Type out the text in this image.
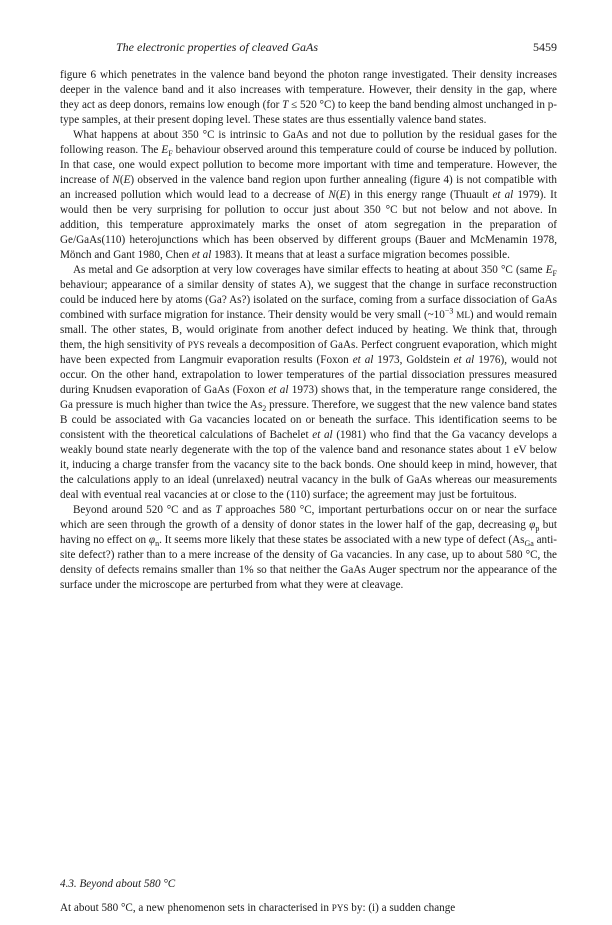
The electronic properties of cleaved GaAs	5459

figure 6 which penetrates in the valence band beyond the photon range investigated. Their density increases deeper in the valence band and it also increases with temperature. However, their density in the gap, where they act as deep donors, remains low enough (for T ≤ 520 °C) to keep the band bending almost unchanged in p-type samples, at their present doping level. These states are thus essentially valence band states.

What happens at about 350 °C is intrinsic to GaAs and not due to pollution by the residual gases for the following reason. The $E_F$ behaviour observed around this temperature could of course be induced by pollution. In that case, one would expect pollution to become more important with time and temperature. However, the increase of N(E) observed in the valence band region upon further annealing (figure 4) is not compatible with an increased pollution which would lead to a decrease of N(E) in this energy range (Thuault et al 1979). It would then be very surprising for pollution to occur just about 350 °C but not below and not above. In addition, this temperature approximately marks the onset of atom segregation in the preparation of Ge/GaAs(110) heterojunctions which has been observed by different groups (Bauer and McMenamin 1978, Mönch and Gant 1980, Chen et al 1983). It means that at least a surface migration becomes possible.

As metal and Ge adsorption at very low coverages have similar effects to heating at about 350 °C (same $E_F$ behaviour; appearance of a similar density of states A), we suggest that the change in surface reconstruction could be induced here by atoms (Ga? As?) isolated on the surface, coming from a surface dissociation of GaAs combined with surface migration for instance. Their density would be very small ($\sim 10^{-3}$ ML) and would remain small. The other states, B, would originate from another defect induced by heating. We think that, through them, the high sensitivity of PYS reveals a decomposition of GaAs. Perfect congruent evaporation, which might have been expected from Langmuir evaporation results (Foxon et al 1973, Goldstein et al 1976), would not occur. On the other hand, extrapolation to lower temperatures of the partial dissociation pressures measured during Knudsen evaporation of GaAs (Foxon et al 1973) shows that, in the temperature range considered, the Ga pressure is much higher than twice the $As_2$ pressure. Therefore, we suggest that the new valence band states B could be associated with Ga vacancies located on or beneath the surface. This identification seems to be consistent with the theoretical calculations of Bachelet et al (1981) who find that the Ga vacancy develops a weakly bound state nearly degenerate with the top of the valence band and resonance states about 1 eV below it, inducing a charge transfer from the vacancy site to the back bonds. One should keep in mind, however, that the calculations apply to an ideal (unrelaxed) neutral vacancy in the bulk of GaAs whereas our measurements deal with eventual real vacancies at or close to the (110) surface; the agreement may just be fortuitous.

Beyond around 520 °C and as T approaches 580 °C, important perturbations occur on or near the surface which are seen through the growth of a density of donor states in the lower half of the gap, decreasing $\varphi_p$ but having no effect on $\varphi_n$. It seems more likely that these states be associated with a new type of defect ($As_{Ga}$ anti-site defect?) rather than to a mere increase of the density of Ga vacancies. In any case, up to about 580 °C, the density of defects remains smaller than 1% so that neither the GaAs Auger spectrum nor the appearance of the surface under the microscope are perturbed from what they were at cleavage.

4.3. Beyond about 580 °C
At about 580 °C, a new phenomenon sets in characterised in PYS by: (i) a sudden change
